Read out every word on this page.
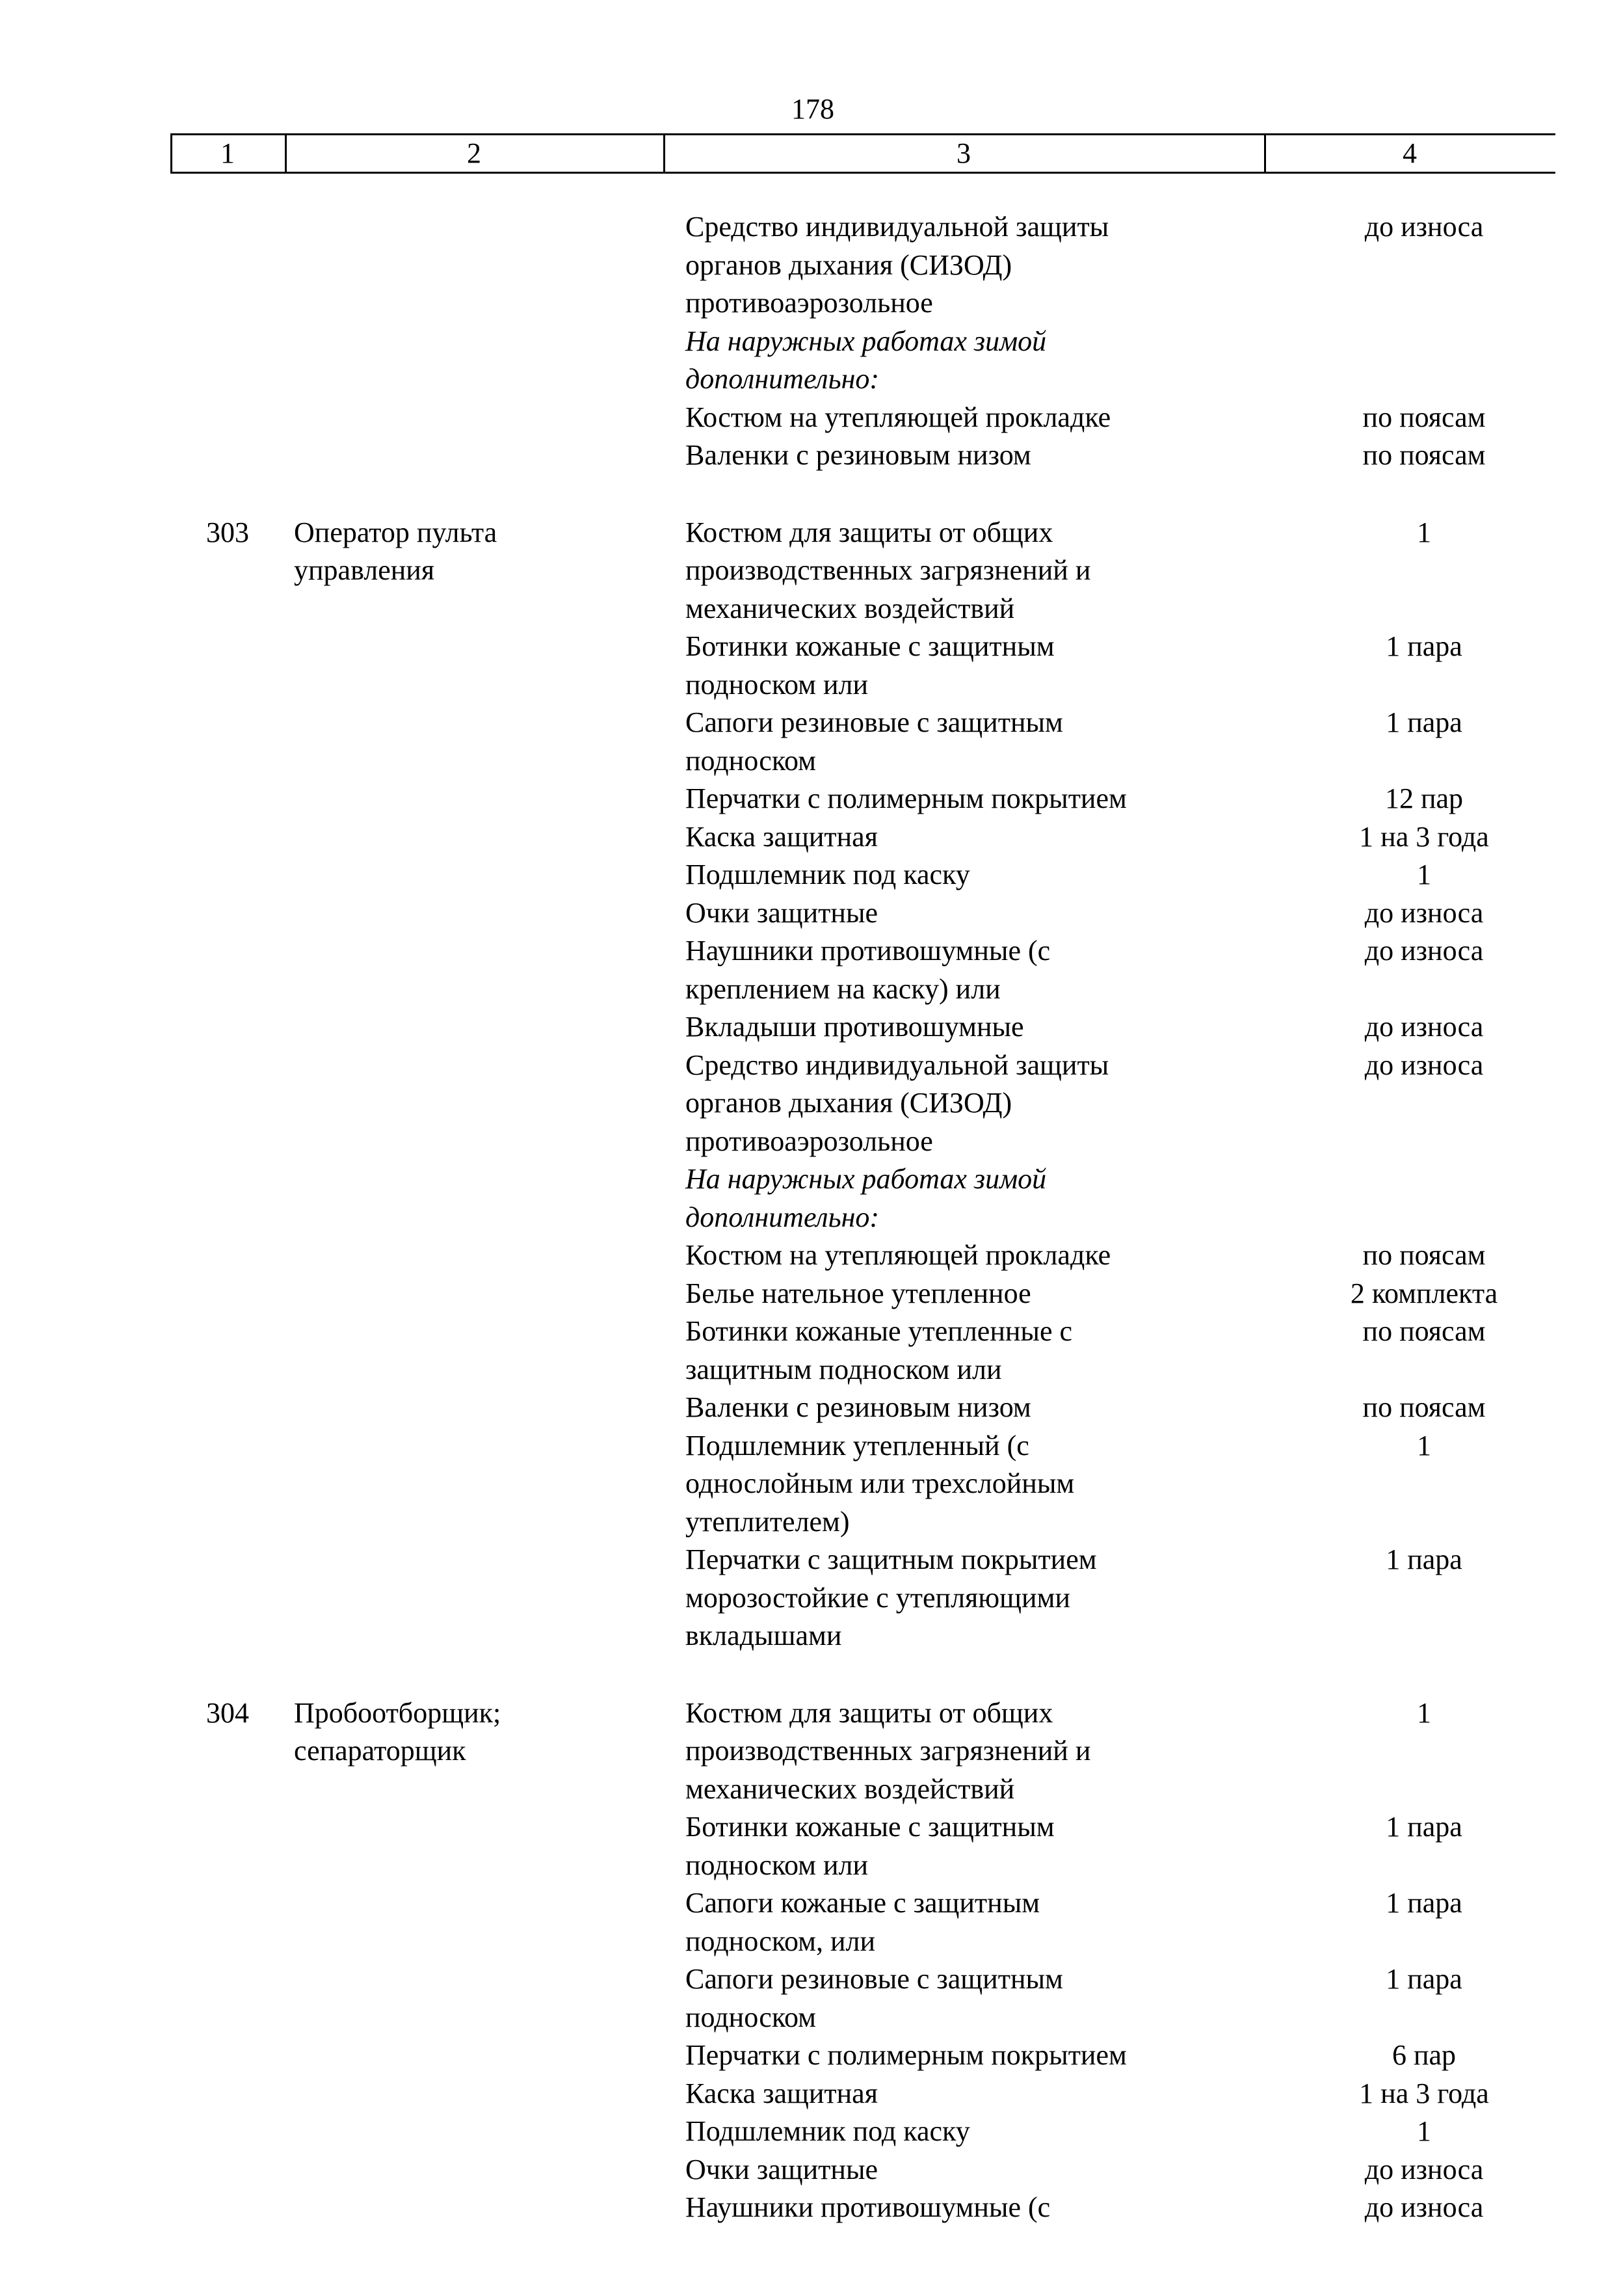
178
1	2	3	4
Средство индивидуальной защиты	до износа
органов дыхания (СИЗОД)
противоаэрозольное
На наружных работах зимой
дополнительно:
Костюм на утепляющей прокладке	по поясам
Валенки с резиновым низом	по поясам
303	Оператор пульта	Костюм для защиты от общих	1
управления	производственных загрязнений и
механических воздействий
Ботинки кожаные с защитным	1 пара
подноском или
Сапоги резиновые с защитным	1 пара
подноском
Перчатки с полимерным покрытием	12 пар
Каска защитная	1 на 3 года
Подшлемник под каску	1
Очки защитные	до износа
Наушники противошумные (с	до износа
креплением на каску) или
Вкладыши противошумные	до износа
Средство индивидуальной защиты	до износа
органов дыхания (СИЗОД)
противоаэрозольное
На наружных работах зимой
дополнительно:
Костюм на утепляющей прокладке	по поясам
Белье нательное утепленное	2 комплекта
Ботинки кожаные утепленные с	по поясам
защитным подноском или
Валенки с резиновым низом	по поясам
Подшлемник утепленный (с	1
однослойным или трехслойным
утеплителем)
Перчатки с защитным покрытием	1 пара
морозостойкие с утепляющими
вкладышами
304	Пробоотборщик;	Костюм для защиты от общих	1
сепараторщик	производственных загрязнений и
механических воздействий
Ботинки кожаные с защитным	1 пара
подноском или
Сапоги кожаные с защитным	1 пара
подноском, или
Сапоги резиновые с защитным	1 пара
подноском
Перчатки с полимерным покрытием	6 пар
Каска защитная	1 на 3 года
Подшлемник под каску	1
Очки защитные	до износа
Наушники противошумные (с	до износа
